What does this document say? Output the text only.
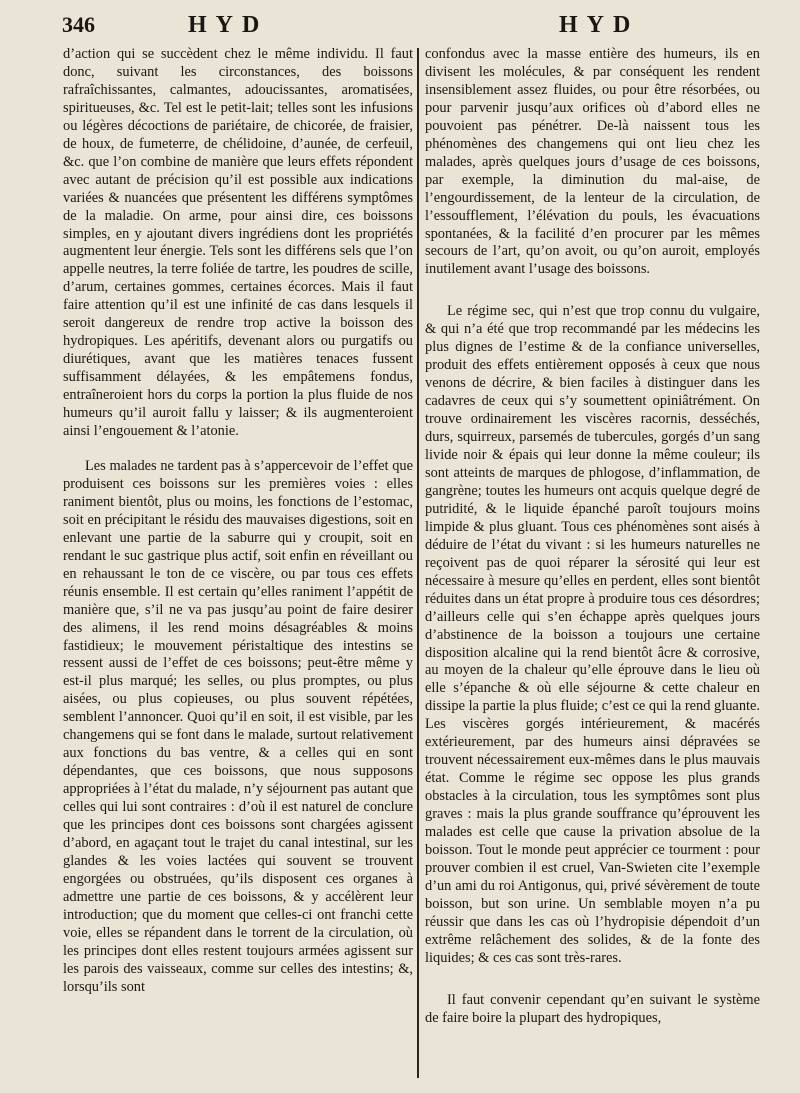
346	HYD	HYD

d’action qui se succèdent chez le même individu. Il faut donc, suivant les circonstances, des boissons rafraîchissantes, calmantes, adoucissantes, aromatisées, spiritueuses, &c. Tel est le petit-lait; telles sont les infusions ou légères décoctions de pariétaire, de chicorée, de fraisier, de houx, de fumeterre, de chélidoine, d’aunée, de cerfeuil, &c. que l’on combine de manière que leurs effets répondent avec autant de précision qu’il est possible aux indications variées & nuancées que présentent les différens symptômes de la maladie. On arme, pour ainsi dire, ces boissons simples, en y ajoutant divers ingrédiens dont les propriétés augmentent leur énergie. Tels sont les différens sels que l’on appelle neutres, la terre foliée de tartre, les poudres de scille, d’arum, certaines gommes, certaines écorces. Mais il faut faire attention qu’il est une infinité de cas dans lesquels il seroit dangereux de rendre trop active la boisson des hydropiques. Les apéritifs, devenant alors ou purgatifs ou diurétiques, avant que les matières tenaces fussent suffisamment délayées, & les empâtemens fondus, entraîneroient hors du corps la portion la plus fluide de nos humeurs qu’il auroit fallu y laisser; & ils augmenteroient ainsi l’engouement & l’atonie.

Les malades ne tardent pas à s’appercevoir de l’effet que produisent ces boissons sur les premières voies : elles raniment bientôt, plus ou moins, les fonctions de l’estomac, soit en précipitant le résidu des mauvaises digestions, soit en enlevant une partie de la saburre qui y croupit, soit en rendant le suc gastrique plus actif, soit enfin en réveillant ou en rehaussant le ton de ce viscère, ou par tous ces effets réunis ensemble. Il est certain qu’elles raniment l’appétit de manière que, s’il ne va pas jusqu’au point de faire desirer des alimens, il les rend moins désagréables & moins fastidieux; le mouvement péristaltique des intestins se ressent aussi de l’effet de ces boissons; peut-être même y est-il plus marqué; les selles, ou plus promptes, ou plus aisées, ou plus copieuses, ou plus souvent répétées, semblent l’annoncer. Quoi qu’il en soit, il est visible, par les changemens qui se font dans le malade, surtout relativement aux fonctions du bas ventre, & a celles qui en sont dépendantes, que ces boissons, que nous supposons appropriées à l’état du malade, n’y séjournent pas autant que celles qui lui sont contraires : d’où il est naturel de conclure que les principes dont ces boissons sont chargées agissent d’abord, en agaçant tout le trajet du canal intestinal, sur les glandes & les voies lactées qui souvent se trouvent engorgées ou obstruées, qu’ils disposent ces organes à admettre une partie de ces boissons, & y accélèrent leur introduction; que du moment que celles-ci ont franchi cette voie, elles se répandent dans le torrent de la circulation, où les principes dont elles restent toujours armées agissent sur les parois des vaisseaux, comme sur celles des intestins; &, lorsqu’ils sont

confondus avec la masse entière des humeurs, ils en divisent les molécules, & par conséquent les rendent insensiblement assez fluides, ou pour être résorbées, ou pour parvenir jusqu’aux orifices où d’abord elles ne pouvoient pas pénétrer. De-là naissent tous les phénomènes des changemens qui ont lieu chez les malades, après quelques jours d’usage de ces boissons, par exemple, la diminution du mal-aise, de l’engourdissement, de la lenteur de la circulation, de l’essoufflement, l’élévation du pouls, les évacuations spontanées, & la facilité d’en procurer par les mêmes secours de l’art, qu’on avoit, ou qu’on auroit, employés inutilement avant l’usage des boissons.

Le régime sec, qui n’est que trop connu du vulgaire, & qui n’a été que trop recommandé par les médecins les plus dignes de l’estime & de la confiance universelles, produit des effets entièrement opposés à ceux que nous venons de décrire, & bien faciles à distinguer dans les cadavres de ceux qui s’y soumettent opiniâtrément. On trouve ordinairement les viscères racornis, desséchés, durs, squirreux, parsemés de tubercules, gorgés d’un sang livide noir & épais qui leur donne la même couleur; ils sont atteints de marques de phlogose, d’inflammation, de gangrène; toutes les humeurs ont acquis quelque degré de putridité, & le liquide épanché paroît toujours moins limpide & plus gluant. Tous ces phénomènes sont aisés à déduire de l’état du vivant : si les humeurs naturelles ne reçoivent pas de quoi réparer la sérosité qui leur est nécessaire à mesure qu’elles en perdent, elles sont bientôt réduites dans un état propre à produire tous ces désordres; d’ailleurs celle qui s’en échappe après quelques jours d’abstinence de la boisson a toujours une certaine disposition alcaline qui la rend bientôt âcre & corrosive, au moyen de la chaleur qu’elle éprouve dans le lieu où elle s’épanche & où elle séjourne & cette chaleur en dissipe la partie la plus fluide; c’est ce qui la rend gluante. Les viscères gorgés intérieurement, & macérés extérieurement, par des humeurs ainsi dépravées se trouvent nécessairement eux-mêmes dans le plus mauvais état. Comme le régime sec oppose les plus grands obstacles à la circulation, tous les symptômes sont plus graves : mais la plus grande souffrance qu’éprouvent les malades est celle que cause la privation absolue de la boisson. Tout le monde peut apprécier ce tourment : pour prouver combien il est cruel, Van-Swieten cite l’exemple d’un ami du roi Antigonus, qui, privé sévèrement de toute boisson, but son urine. Un semblable moyen n’a pu réussir que dans les cas où l’hydropisie dépendoit d’un extrême relâchement des solides, & de la fonte des liquides; & ces cas sont très-rares.

Il faut convenir cependant qu’en suivant le système de faire boire la plupart des hydropiques,
